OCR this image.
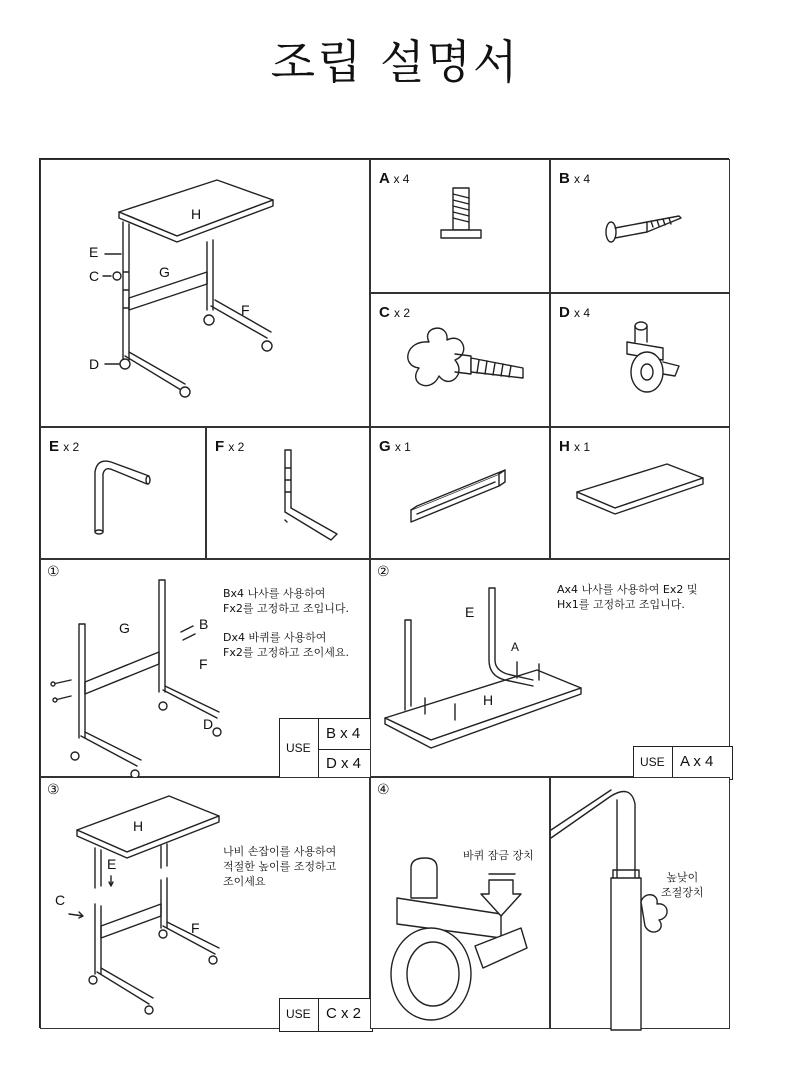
조립 설명서
H
E
C	G
F
D
A x 4	B x 4
C x 2	D x 4
E x 2	F x 2	G x 1	H x 1
①
G	B
F
D
Bx4 나사를 사용하여
Fx2를 고정하고 조입니다.
Dx4 바퀴를 사용하여
Fx2를 고정하고 조이세요.
USE
B x 4
D x 4
②
E
A
H
Ax4 나사를 사용하여 Ex2 및
Hx1를 고정하고 조입니다.
USE A x 4
③
H
E
C
F
나비 손잡이를 사용하여
적절한 높이를 조정하고
조이세요
USE C x 2
④
바퀴 잠금 장치
높낮이
조절장치
